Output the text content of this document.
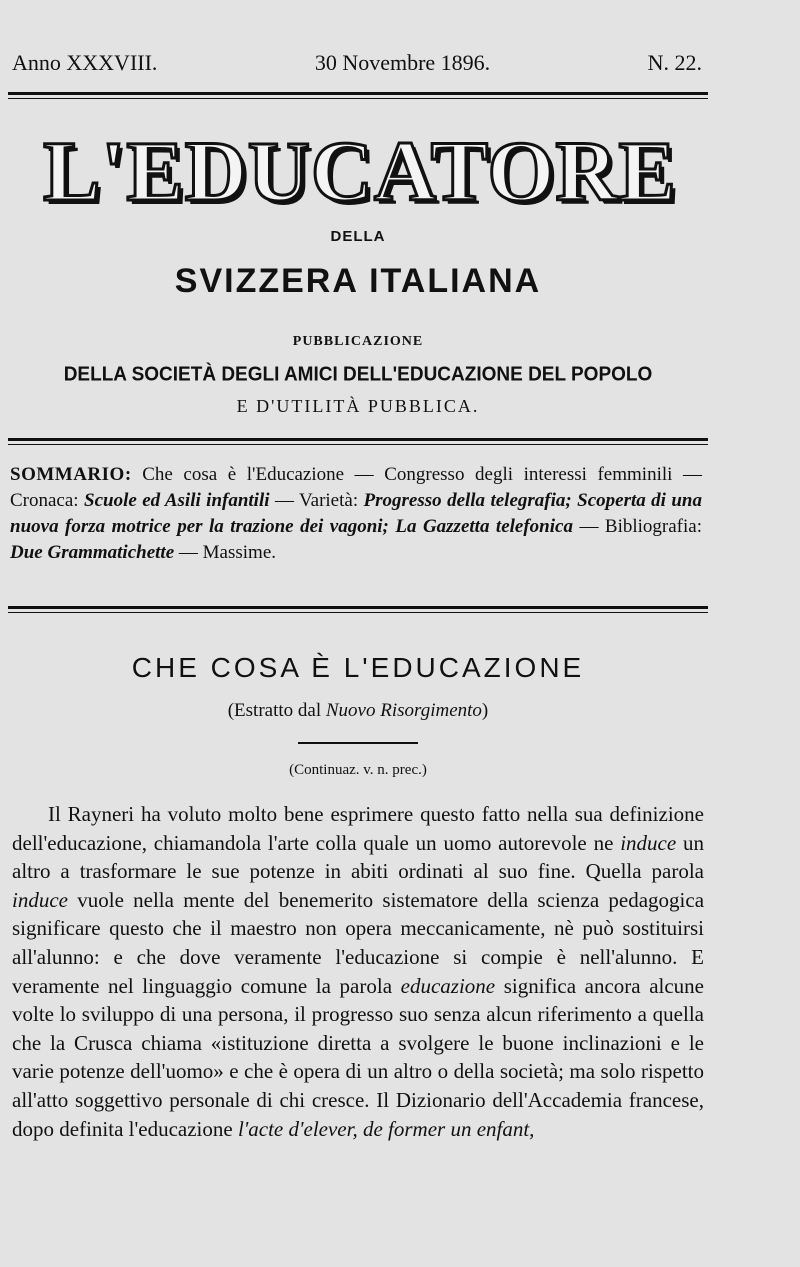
Anno XXXVIII.	30 Novembre 1896.	N. 22.
L'EDUCATORE
DELLA
SVIZZERA ITALIANA
PUBBLICAZIONE
DELLA SOCIETÀ DEGLI AMICI DELL'EDUCAZIONE DEL POPOLO
E D'UTILITÀ PUBBLICA.
SOMMARIO: Che cosa è l'Educazione — Congresso degli interessi femminili — Cronaca: Scuole ed Asili infantili — Varietà: Progresso della telegrafia; Scoperta di una nuova forza motrice per la trazione dei vagoni; La Gazzetta telefonica — Bibliografia: Due Grammatichette — Massime.
CHE COSA È L'EDUCAZIONE
(Estratto dal Nuovo Risorgimento)
(Continuaz. v. n. prec.)

Il Rayneri ha voluto molto bene esprimere questo fatto nella sua definizione dell'educazione, chiamandola l'arte colla quale un uomo autorevole ne induce un altro a trasformare le sue potenze in abiti ordinati al suo fine. Quella parola induce vuole nella mente del benemerito sistematore della scienza pedagogica significare questo che il maestro non opera meccanicamente, nè può sostituirsi all'alunno: e che dove veramente l'educazione si compie è nell'alunno. E veramente nel linguaggio comune la parola educazione significa ancora alcune volte lo sviluppo di una persona, il progresso suo senza alcun riferimento a quella che la Crusca chiama «istituzione diretta a svolgere le buone inclinazioni e le varie potenze dell'uomo» e che è opera di un altro o della società; ma solo rispetto all'atto soggettivo personale di chi cresce. Il Dizionario dell'Accademia francese, dopo definita l'educazione l'acte d'elever, de former un enfant,
